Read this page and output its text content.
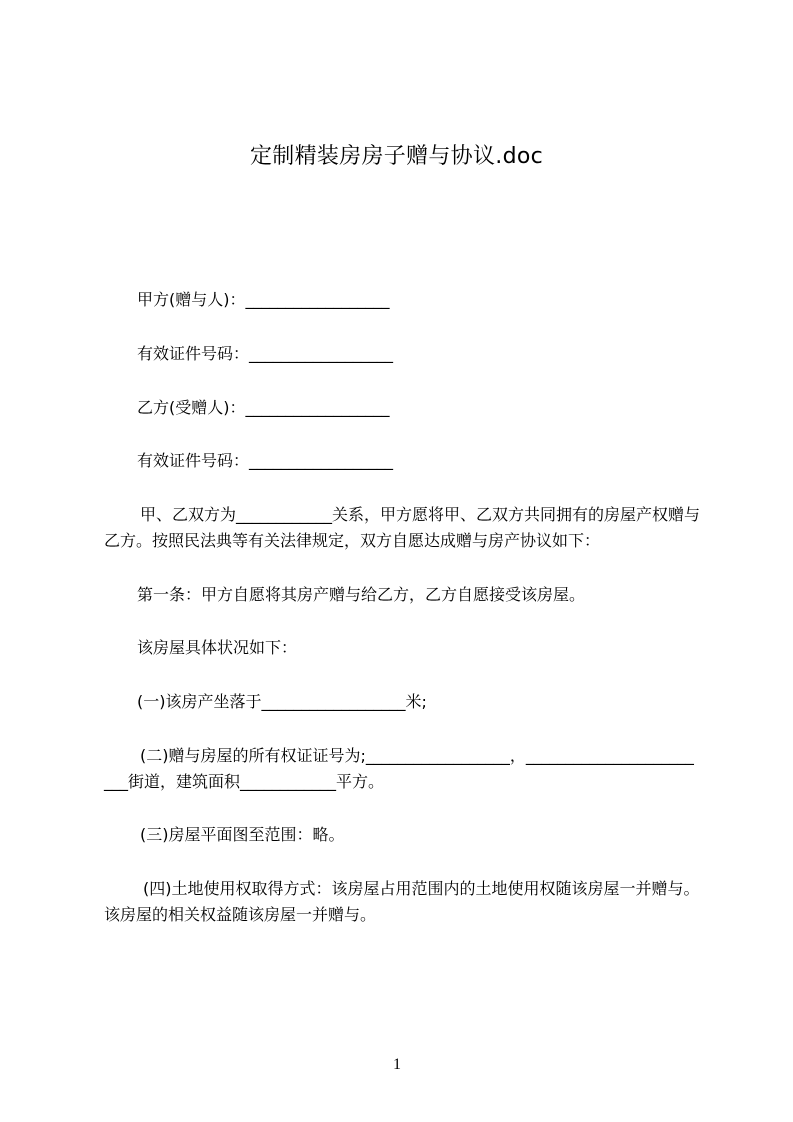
定制精装房房子赠与协议.doc
甲方(赠与人)：__________________
有效证件号码：__________________
乙方(受赠人)：__________________
有效证件号码：__________________
甲、乙双方为____________关系，甲方愿将甲、乙双方共同拥有的房屋产权赠与
乙方。按照民法典等有关法律规定，双方自愿达成赠与房产协议如下：
第一条：甲方自愿将其房产赠与给乙方，乙方自愿接受该房屋。
该房屋具体状况如下：
(一)该房产坐落于__________________米;
(二)赠与房屋的所有权证证号为;__________________，_____________________
___街道，建筑面积____________平方。
(三)房屋平面图至范围：略。
(四)土地使用权取得方式：该房屋占用范围内的土地使用权随该房屋一并赠与。
该房屋的相关权益随该房屋一并赠与。
1
